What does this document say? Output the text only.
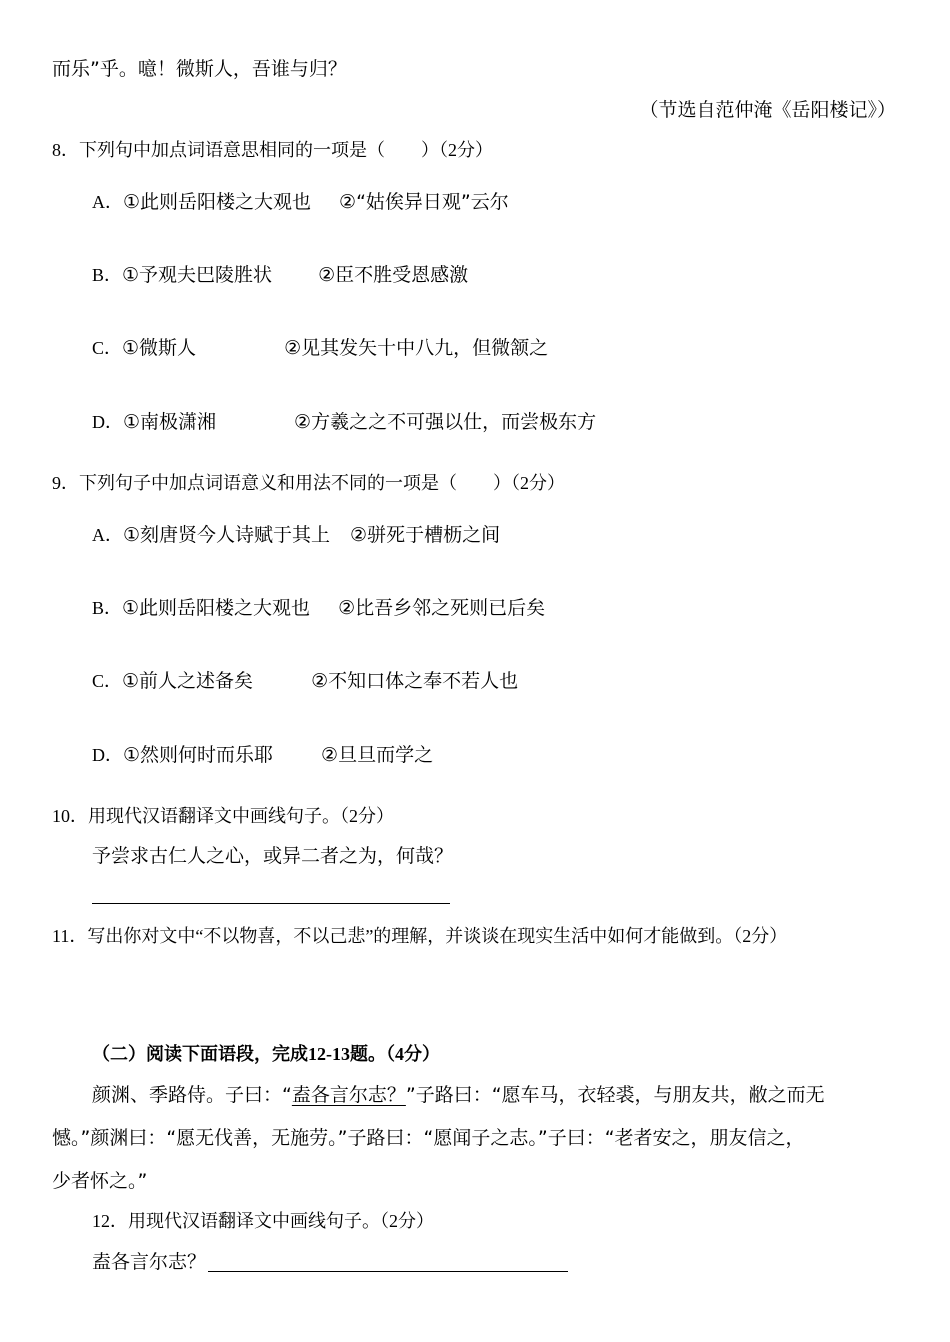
而乐”乎。噫！微斯人，吾谁与归？
（节选自范仲淹《岳阳楼记》）
8．下列句中加点词语意思相同的一项是（　　）（2分）
A．①此则岳阳楼之大观也 ②“姑俟异日观”云尔
B．①予观夫巴陵胜状 ②臣不胜受恩感激
C．①微斯人	②见其发矢十中八九，但微颔之
D．①南极潇湘	②方羲之之不可强以仕，而尝极东方
9．下列句子中加点词语意义和用法不同的一项是（　　）（2分）
A．①刻唐贤今人诗赋于其上 ②骈死于槽枥之间
B．①此则岳阳楼之大观也 ②比吾乡邻之死则已后矣
C．①前人之述备矣	②不知口体之奉不若人也
D．①然则何时而乐耶	②旦旦而学之
10．用现代汉语翻译文中画线句子。（2分）
予尝求古仁人之心，或异二者之为，何哉？
11．写出你对文中“不以物喜，不以己悲”的理解，并谈谈在现实生活中如何才能做到。（2分）
（二）阅读下面语段，完成12-13题。（4分）
颜渊、季路侍。子曰：“盍各言尔志？”子路曰：“愿车马，衣轻裘，与朋友共，敝之而无
憾。”颜渊曰：“愿无伐善，无施劳。”子路曰：“愿闻子之志。”子曰：“老者安之，朋友信之，
少者怀之。”
12．用现代汉语翻译文中画线句子。（2分）
盍各言尔志？
